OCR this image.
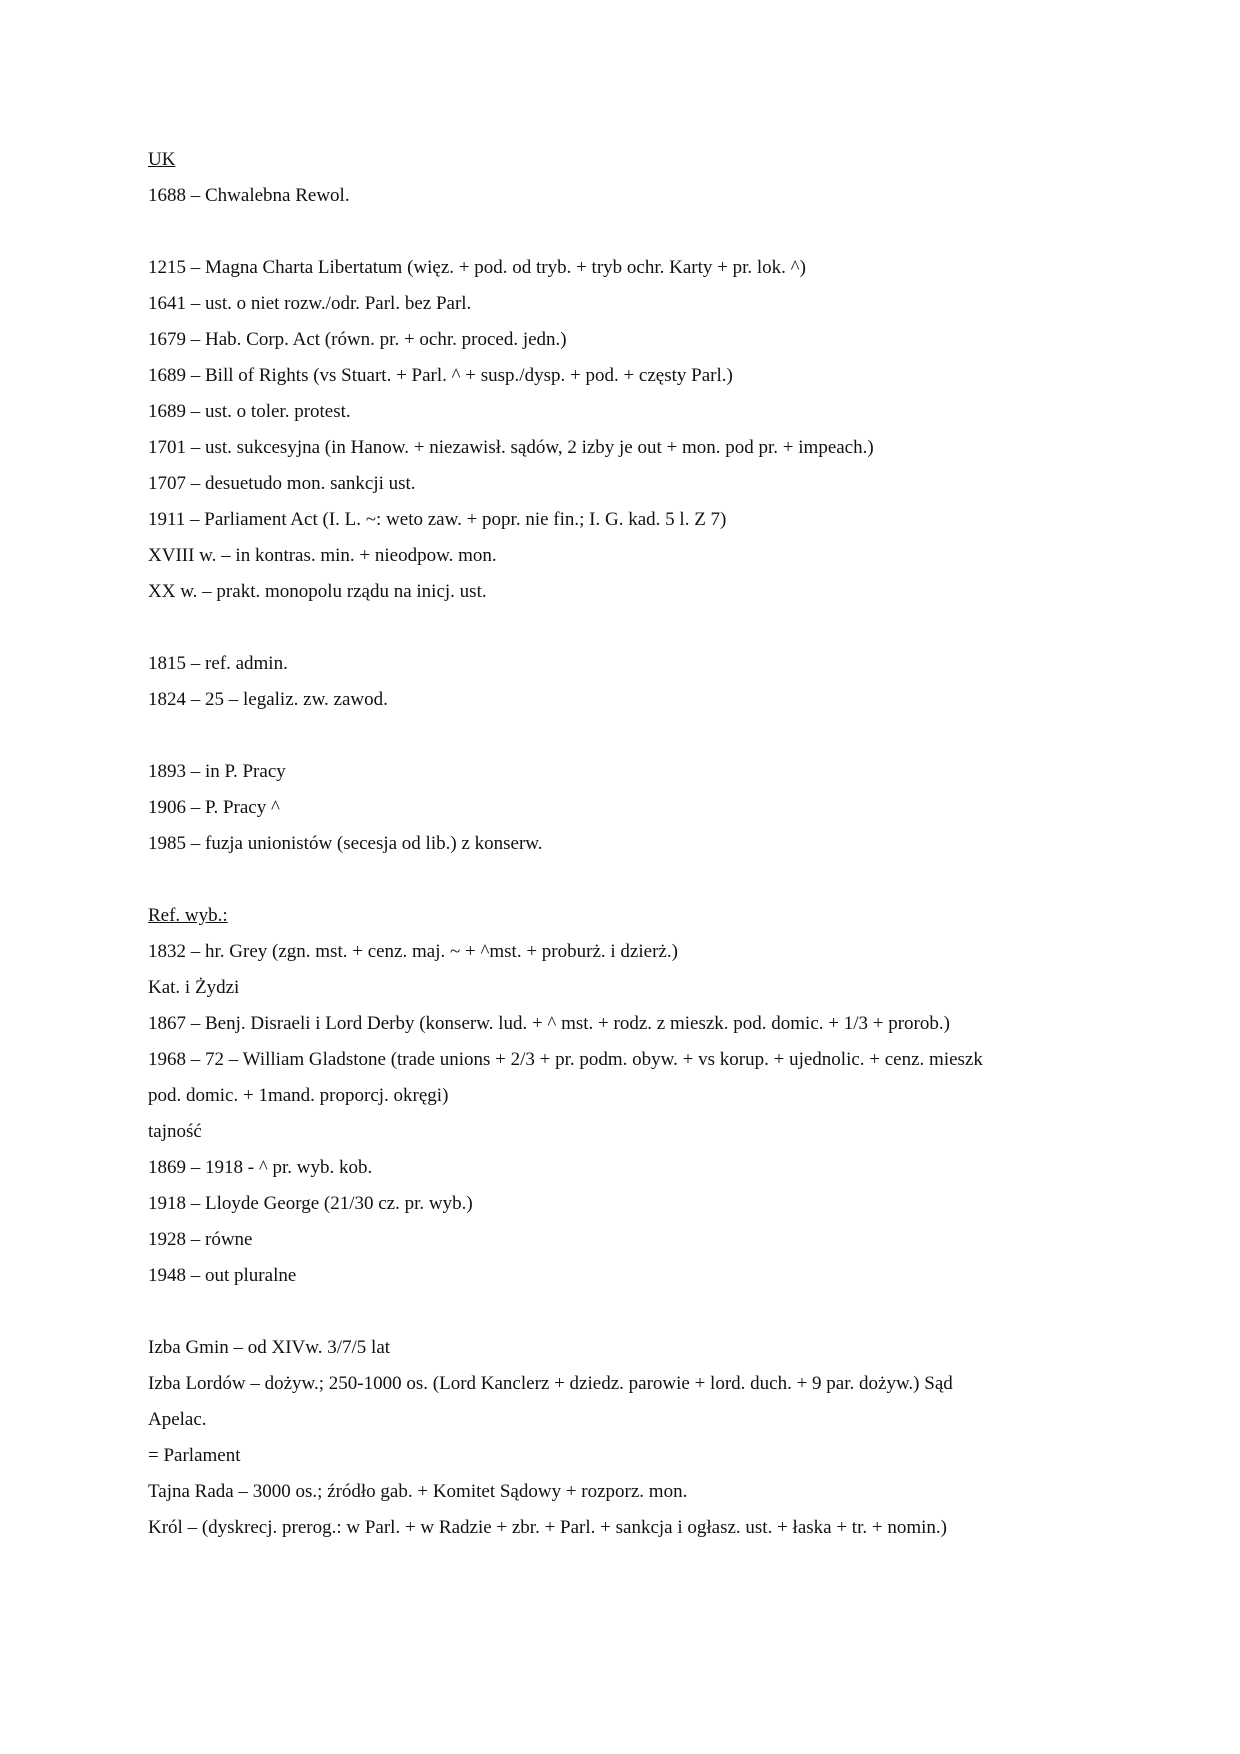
UK
1688 – Chwalebna Rewol.
1215 – Magna Charta Libertatum (więz. + pod. od tryb. + tryb ochr. Karty + pr. lok. ^)
1641 – ust. o niet rozw./odr. Parl. bez Parl.
1679 – Hab. Corp. Act (równ. pr. + ochr. proced. jedn.)
1689 – Bill of Rights (vs Stuart. + Parl. ^ + susp./dysp. + pod. + częsty Parl.)
1689 – ust. o toler. protest.
1701 – ust. sukcesyjna (in Hanow. + niezawisł. sądów, 2 izby je out + mon. pod pr. + impeach.)
1707 – desuetudo mon. sankcji ust.
1911 – Parliament Act (I. L. ~: weto zaw. + popr. nie fin.; I. G. kad. 5 l. Z 7)
XVIII w. – in kontras. min. + nieodpow. mon.
XX w. – prakt. monopolu rządu na inicj. ust.
1815 – ref. admin.
1824 – 25 – legaliz. zw. zawod.
1893 – in P. Pracy
1906 – P. Pracy ^
1985 – fuzja unionistów (secesja od lib.) z konserw.
Ref. wyb.:
1832 – hr. Grey (zgn. mst. + cenz. maj. ~ + ^mst. + proburż. i dzierż.)
Kat. i Żydzi
1867 – Benj. Disraeli i Lord Derby (konserw. lud. + ^ mst. + rodz. z mieszk. pod. domic. + 1/3 + prorob.)
1968 – 72 – William Gladstone (trade unions + 2/3 + pr. podm. obyw. + vs korup. + ujednolic. + cenz. mieszk
pod. domic. + 1mand. proporcj. okręgi)
tajność
1869 – 1918 - ^ pr. wyb. kob.
1918 – Lloyde George (21/30 cz. pr. wyb.)
1928 – równe
1948 – out pluralne
Izba Gmin – od XIVw. 3/7/5 lat
Izba Lordów – dożyw.; 250-1000 os. (Lord Kanclerz + dziedz. parowie + lord. duch. + 9 par. dożyw.) Sąd
Apelac.
= Parlament
Tajna Rada – 3000 os.; źródło gab. + Komitet Sądowy + rozporz. mon.
Król – (dyskrecj. prerog.: w Parl. + w Radzie + zbr. + Parl. + sankcja i ogłasz. ust. + łaska + tr. + nomin.)
